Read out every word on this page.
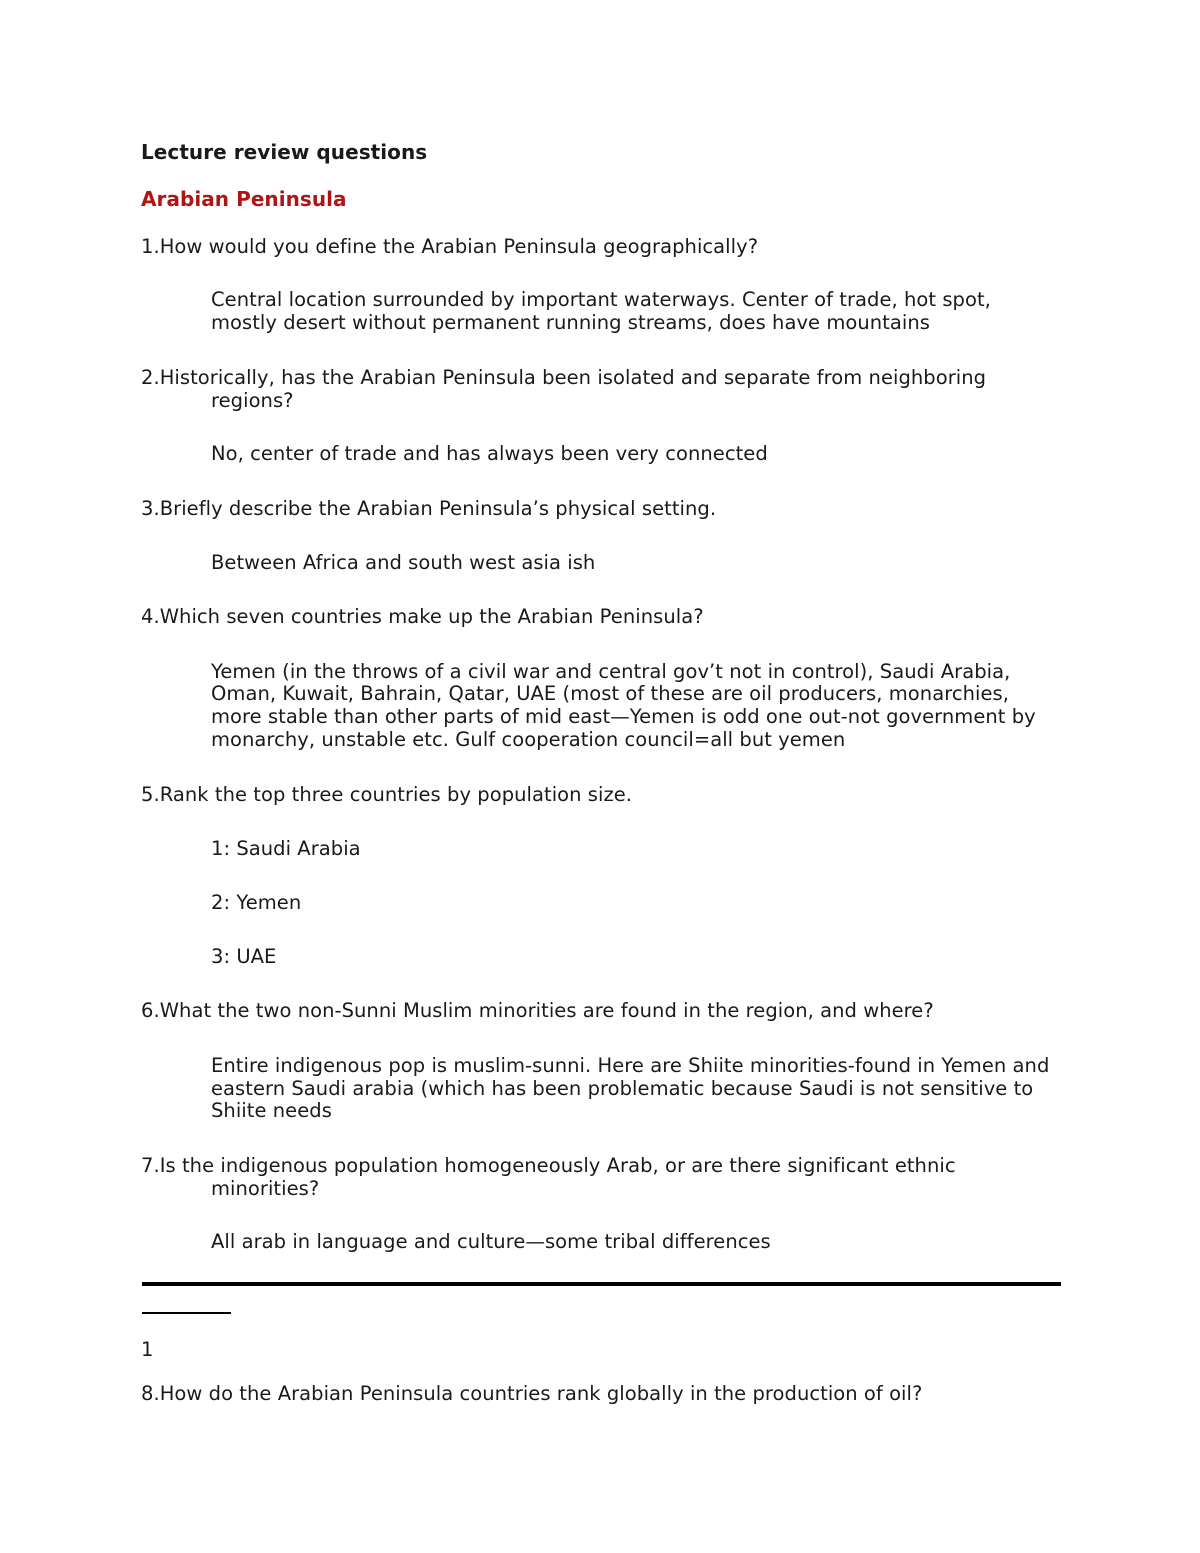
Lecture review questions
Arabian Peninsula
1.How would you define the Arabian Peninsula geographically?
Central location surrounded by important waterways. Center of trade, hot spot,
mostly desert without permanent running streams, does have mountains
2.Historically, has the Arabian Peninsula been isolated and separate from neighboring
regions?
No, center of trade and has always been very connected
3.Briefly describe the Arabian Peninsula’s physical setting.
Between Africa and south west asia ish
4.Which seven countries make up the Arabian Peninsula?
Yemen (in the throws of a civil war and central gov’t not in control), Saudi Arabia,
Oman, Kuwait, Bahrain, Qatar, UAE (most of these are oil producers, monarchies,
more stable than other parts of mid east—Yemen is odd one out-not government by
monarchy, unstable etc. Gulf cooperation council=all but yemen
5.Rank the top three countries by population size.
1: Saudi Arabia
2: Yemen
3: UAE
6.What the two non-Sunni Muslim minorities are found in the region, and where?
Entire indigenous pop is muslim-sunni. Here are Shiite minorities-found in Yemen and
eastern Saudi arabia (which has been problematic because Saudi is not sensitive to
Shiite needs
7.Is the indigenous population homogeneously Arab, or are there significant ethnic
minorities?
All arab in language and culture—some tribal differences
1
8.How do the Arabian Peninsula countries rank globally in the production of oil?
